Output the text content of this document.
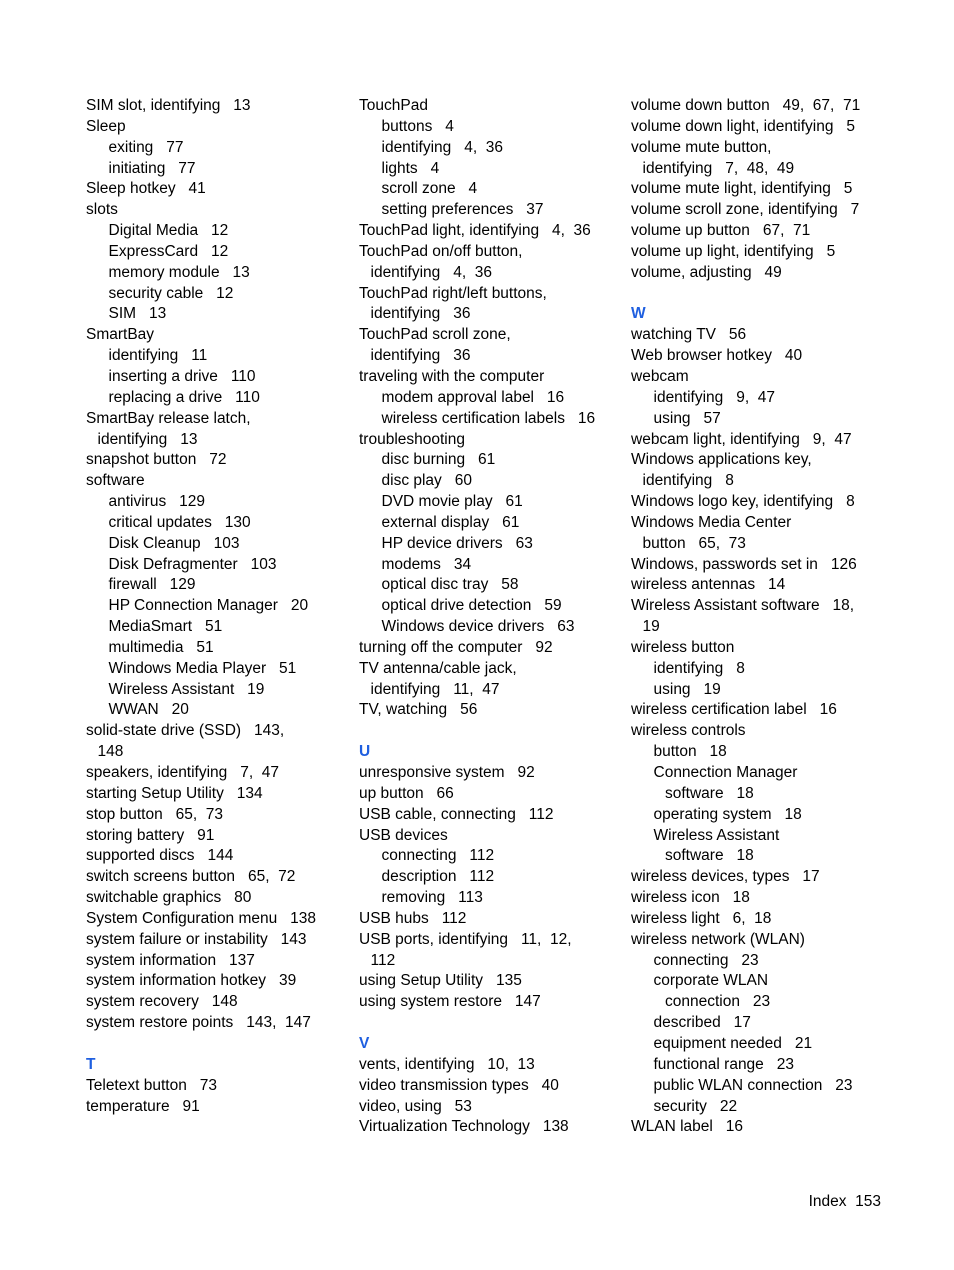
SIM slot, identifying   13
Sleep
exiting   77
initiating   77
Sleep hotkey   41
slots
Digital Media   12
ExpressCard   12
memory module   13
security cable   12
SIM   13
SmartBay
identifying   11
inserting a drive   110
replacing a drive   110
SmartBay release latch,
identifying   13
snapshot button   72
software
antivirus   129
critical updates   130
Disk Cleanup   103
Disk Defragmenter   103
firewall   129
HP Connection Manager   20
MediaSmart   51
multimedia   51
Windows Media Player   51
Wireless Assistant   19
WWAN   20
solid-state drive (SSD)   143,
148
speakers, identifying   7,  47
starting Setup Utility   134
stop button   65,  73
storing battery   91
supported discs   144
switch screens button   65,  72
switchable graphics   80
System Configuration menu   138
system failure or instability   143
system information   137
system information hotkey   39
system recovery   148
system restore points   143,  147
T
Teletext button   73
temperature   91
TouchPad
buttons   4
identifying   4,  36
lights   4
scroll zone   4
setting preferences   37
TouchPad light, identifying   4,  36
TouchPad on/off button,
identifying   4,  36
TouchPad right/left buttons,
identifying   36
TouchPad scroll zone,
identifying   36
traveling with the computer
modem approval label   16
wireless certification labels   16
troubleshooting
disc burning   61
disc play   60
DVD movie play   61
external display   61
HP device drivers   63
modems   34
optical disc tray   58
optical drive detection   59
Windows device drivers   63
turning off the computer   92
TV antenna/cable jack,
identifying   11,  47
TV, watching   56
U
unresponsive system   92
up button   66
USB cable, connecting   112
USB devices
connecting   112
description   112
removing   113
USB hubs   112
USB ports, identifying   11,  12,
112
using Setup Utility   135
using system restore   147
V
vents, identifying   10,  13
video transmission types   40
video, using   53
Virtualization Technology   138
volume down button   49,  67,  71
volume down light, identifying   5
volume mute button,
identifying   7,  48,  49
volume mute light, identifying   5
volume scroll zone, identifying   7
volume up button   67,  71
volume up light, identifying   5
volume, adjusting   49
W
watching TV   56
Web browser hotkey   40
webcam
identifying   9,  47
using   57
webcam light, identifying   9,  47
Windows applications key,
identifying   8
Windows logo key, identifying   8
Windows Media Center
button   65,  73
Windows, passwords set in   126
wireless antennas   14
Wireless Assistant software   18,
19
wireless button
identifying   8
using   19
wireless certification label   16
wireless controls
button   18
Connection Manager
software   18
operating system   18
Wireless Assistant
software   18
wireless devices, types   17
wireless icon   18
wireless light   6,  18
wireless network (WLAN)
connecting   23
corporate WLAN
connection   23
described   17
equipment needed   21
functional range   23
public WLAN connection   23
security   22
WLAN label   16
Index 153
